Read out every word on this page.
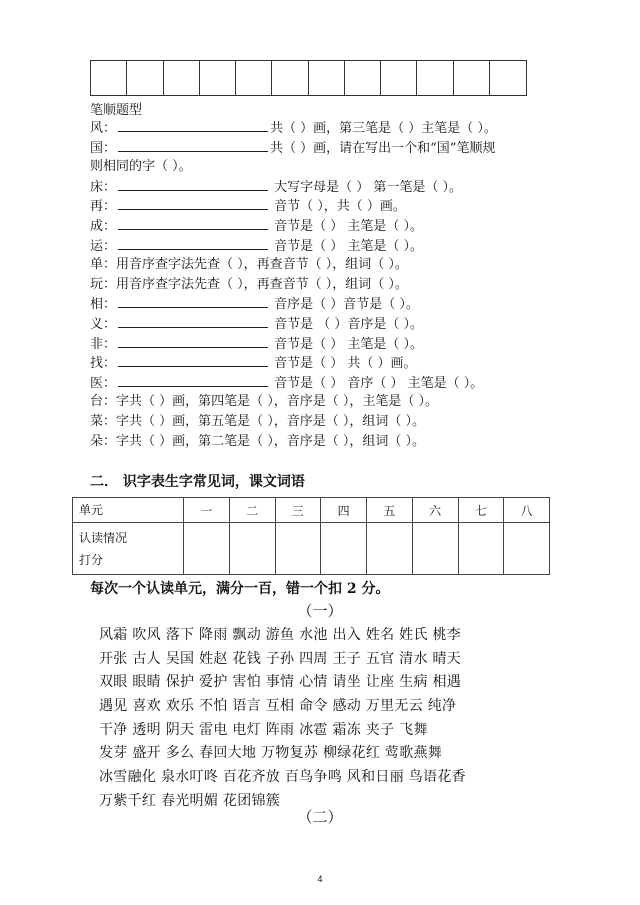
笔顺题型
风：	共（ ）画，第三笔是（ ）主笔是（ ）。
国：	共（ ）画，请在写出一个和“国”笔顺规
则相同的字（ ）。
床：	大写字母是（ ） 第一笔是（ ）。
再：	音节（ ），共（ ）画。
成：	音节是（ ） 主笔是（ ）。
运：	音节是（ ） 主笔是（ ）。
单：用音序查字法先查（ ），再查音节（ ），组词（ ）。
玩：用音序查字法先查（ ），再查音节（ ），组词（ ）。
相：	音序是（ ）音节是（ ）。
义：	音节是 （ ）音序是（ ）。
非：	音节是（ ） 主笔是（ ）。
找：	音节是（ ） 共（ ）画。
医：	音节是（ ） 音序（ ） 主笔是（ ）。
台：字共（ ）画，第四笔是（ ），音序是（ ），主笔是（ ）。
菜：字共（ ）画，第五笔是（ ），音序是（ ），组词（ ）。
朵：字共（ ）画，第二笔是（ ），音序是（ ），组词（ ）。
二． 识字表生字常见词，课文词语
单元	一	二	三	四	五	六	七	八

认读情况
打分								

每次一个认读单元，满分一百，错一个扣 2 分。
（一）
风霜 吹风 落下 降雨 飘动 游鱼 水池 出入 姓名 姓氏 桃李
开张 古人 吴国 姓赵 花钱 子孙 四周 王子 五官 清水 晴天
双眼 眼睛 保护 爱护 害怕 事情 心情 请坐 让座 生病 相遇
遇见 喜欢 欢乐 不怕 语言 互相 命令 感动 万里无云 纯净
干净 透明 阴天 雷电 电灯 阵雨 冰雹 霜冻 夹子 飞舞
发芽 盛开 多么 春回大地 万物复苏 柳绿花红 莺歌燕舞
冰雪融化 泉水叮咚 百花齐放 百鸟争鸣 风和日丽 鸟语花香
万紫千红 春光明媚 花团锦簇
（二）
4
